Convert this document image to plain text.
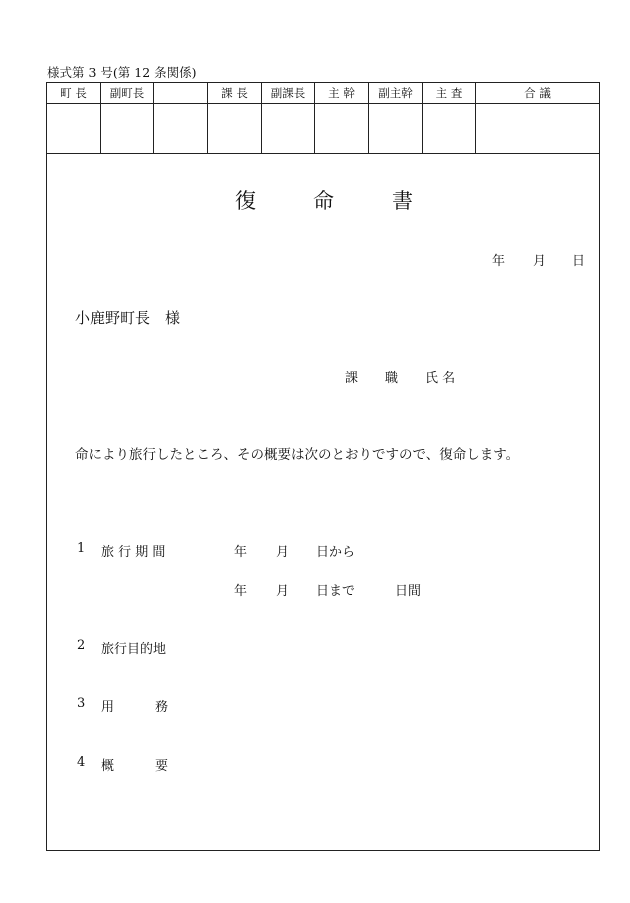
様式第 3 号(第 12 条関係)
町 長	副町長		課 長	副課長	主 幹	副主幹	主 査	合 議

復	命	書
年 月 日
小鹿野町長　様
課 職 氏 名
命により旅行したところ、その概要は次のとおりですので、復命します。
1 旅 行 期 間	年 月 日から
年 月 日まで	日間
2 旅行目的地
3 用	務
4 概	要
